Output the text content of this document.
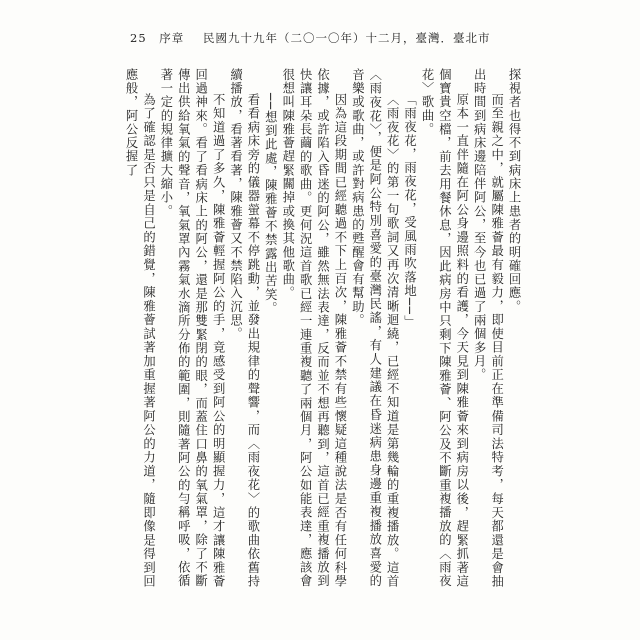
25 序章 民國九十九年（二〇一〇年）十二月，臺灣．臺北市

探視者也得不到病床上患者的明確回應。

而至親之中，就屬陳雅薈最有毅力，即使目前正在準備司法特考，每天都還是會抽出時間到病床邊陪伴阿公，至今也已過了兩個多月。

原本一直伴隨在阿公身邊照料的看護，今天見到陳雅薈來到病房以後，趕緊抓著這個寶貴空檔，前去用餐休息，因此病房中只剩下陳雅薈、阿公及不斷重複播放的〈雨夜花〉歌曲。

「雨夜花，雨夜花，受風雨吹落地──」

〈雨夜花〉的第一句歌詞又再次清晰迴繞，已經不知道是第幾輪的重複播放。這首〈雨夜花〉，便是阿公特別喜愛的臺灣民謠，有人建議在昏迷病患身邊重複播放喜愛的音樂或歌曲，或許對病患的甦醒會有幫助。

因為這段期間已經聽過不下上百次，陳雅薈不禁有些懷疑這種說法是否有任何科學依據，或許陷入昏迷的阿公，雖然無法表達，反而並不想再聽到，這首已經重複播放到快讓耳朵長繭的歌曲。更何況這首歌已經一連重複聽了兩個月，阿公如能表達，應該會很想叫陳雅薈趕緊關掉或換其他歌曲。

──想到此處，陳雅薈不禁露出苦笑。

看看病床旁的儀器螢幕不停跳動，並發出規律的聲響，而〈雨夜花〉的歌曲依舊持續播放，看著看著，陳雅薈又不禁陷入沉思。

不知道過了多久，陳雅薈輕握阿公的手，竟感受到阿公的明顯握力，這才讓陳雅薈回過神來。看了看病床上的阿公，還是那雙緊閉的眼，而蓋住口鼻的氧氣罩，除了不斷傳出供給氧氣的聲音，氧氣罩內霧氣水滴所分佈的範圍，則隨著阿公的勻稱呼吸，依循著一定的規律擴大縮小。

為了確認是否只是自己的錯覺，陳雅薈試著加重握著阿公的力道，隨即像是得到回應般，阿公反握了
